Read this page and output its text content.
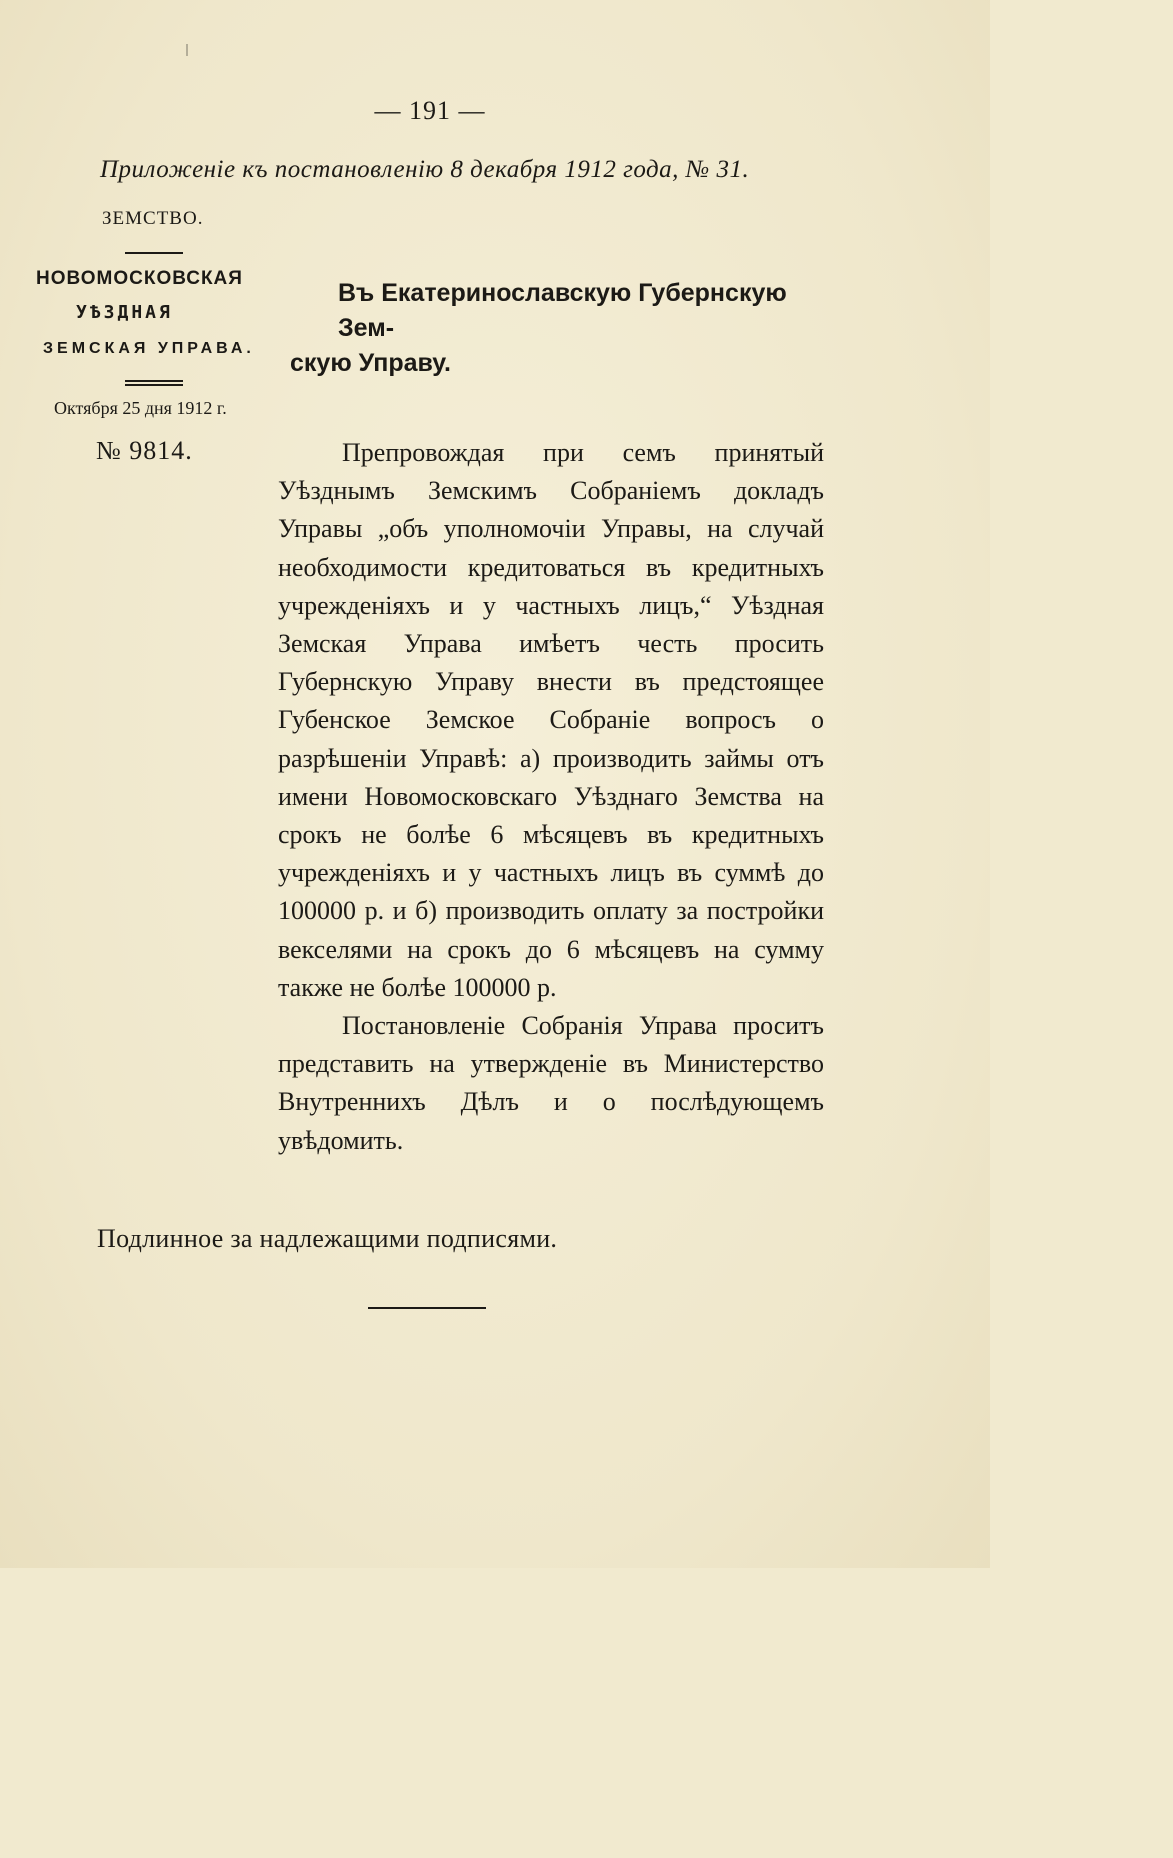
— 191 —
Приложеніе къ постановленію 8 декабря 1912 года, № 31.
ЗЕМСТВО.
НОВОМОСКОВСКАЯ
УѢЗДНАЯ
ЗЕМСКАЯ УПРАВА.
Октября 25 дня 1912 г.
№ 9814.
Въ Екатеринославскую Губернскую Зем-
скую Управу.

Препровождая при семъ принятый Уѣзднымъ Земскимъ Собраніемъ докладъ Управы „объ уполномочіи Управы, на случай необходимости кредитоваться въ кредитныхъ учрежденіяхъ и у частныхъ лицъ,“ Уѣздная Земская Управа имѣетъ честь просить Губернскую Управу внести въ предстоящее Губенское Земское Собраніе вопросъ о разрѣшеніи Управѣ: а) производить займы отъ имени Новомосковскаго Уѣзднаго Земства на срокъ не болѣе 6 мѣсяцевъ въ кредитныхъ учрежденіяхъ и у частныхъ лицъ въ суммѣ до 100000 р. и б) производить оплату за постройки векселями на срокъ до 6 мѣсяцевъ на сумму также не болѣе 100000 р.

Постановленіе Собранія Управа проситъ представить на утвержденіе въ Министерство Внутреннихъ Дѣлъ и о послѣдующемъ увѣдомить.

Подлинное за надлежащими подписями.
